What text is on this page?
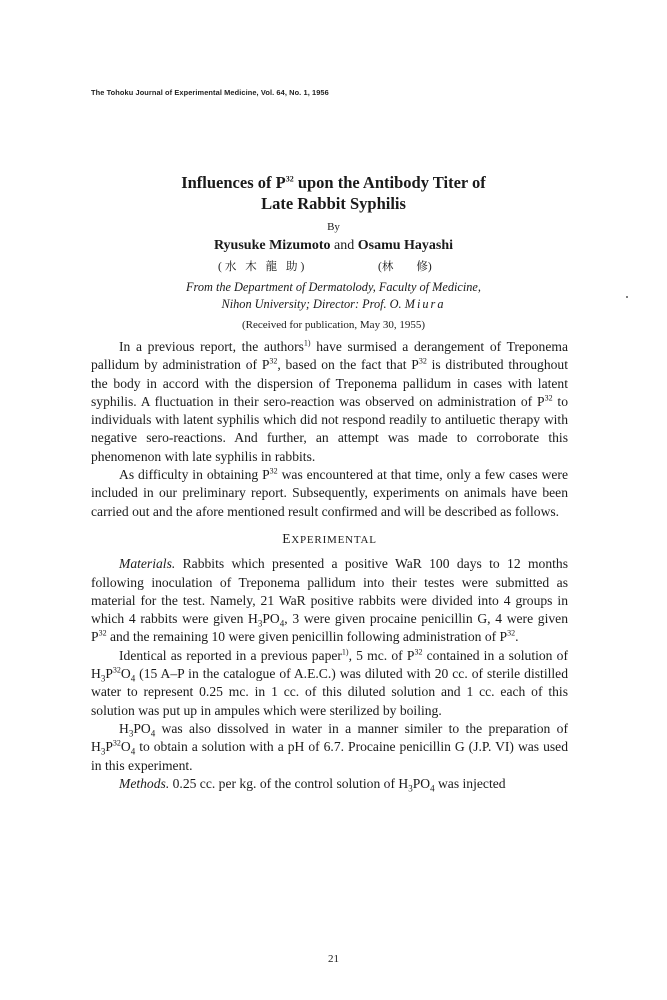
The Tohoku Journal of Experimental Medicine, Vol. 64, No. 1, 1956
Influences of $P^{32}$ upon the Antibody Titer of
Late Rabbit Syphilis
By
Ryusuke Mizumoto and Osamu Hayashi
(水 木 龍 助)	(林　　修)
From the Department of Dermatolody, Faculty of Medicine,
Nihon University; Director: Prof. O. Miura
(Received for publication, May 30, 1955)

In a previous report, the authors$^{1)}$ have surmised a derangement of Treponema pallidum by administration of $P^{32}$, based on the fact that $P^{32}$ is distributed throughout the body in accord with the dispersion of Treponema pallidum in cases with latent syphilis. A fluctuation in their sero-reaction was observed on administration of $P^{32}$ to individuals with latent syphilis which did not respond readily to antiluetic therapy with negative sero-reactions. And further, an attempt was made to corroborate this phenomenon with late syphilis in rabbits.

As difficulty in obtaining $P^{32}$ was encountered at that time, only a few cases were included in our preliminary report. Subsequently, experiments on animals have been carried out and the afore mentioned result confirmed and will be described as follows.

EXPERIMENTAL

Materials. Rabbits which presented a positive WaR 100 days to 12 months following inoculation of Treponema pallidum into their testes were submitted as material for the test. Namely, 21 WaR positive rabbits were divided into 4 groups in which 4 rabbits were given $H_3PO_4$, 3 were given procaine penicillin G, 4 were given $P^{32}$ and the remaining 10 were given penicillin following administration of $P^{32}$.

Identical as reported in a previous paper$^{1)}$, 5 mc. of $P^{32}$ contained in a solution of $H_3P^{32}O_4$ (15 A–P in the catalogue of A.E.C.) was diluted with 20 cc. of sterile distilled water to represent 0.25 mc. in 1 cc. of this diluted solution and 1 cc. each of this solution was put up in ampules which were sterilized by boiling.

$H_3PO_4$ was also dissolved in water in a manner similer to the preparation of $H_3P^{32}O_4$ to obtain a solution with a pH of 6.7. Procaine penicillin G (J.P. VI) was used in this experiment.

Methods. 0.25 cc. per kg. of the control solution of $H_3PO_4$ was injected

21
